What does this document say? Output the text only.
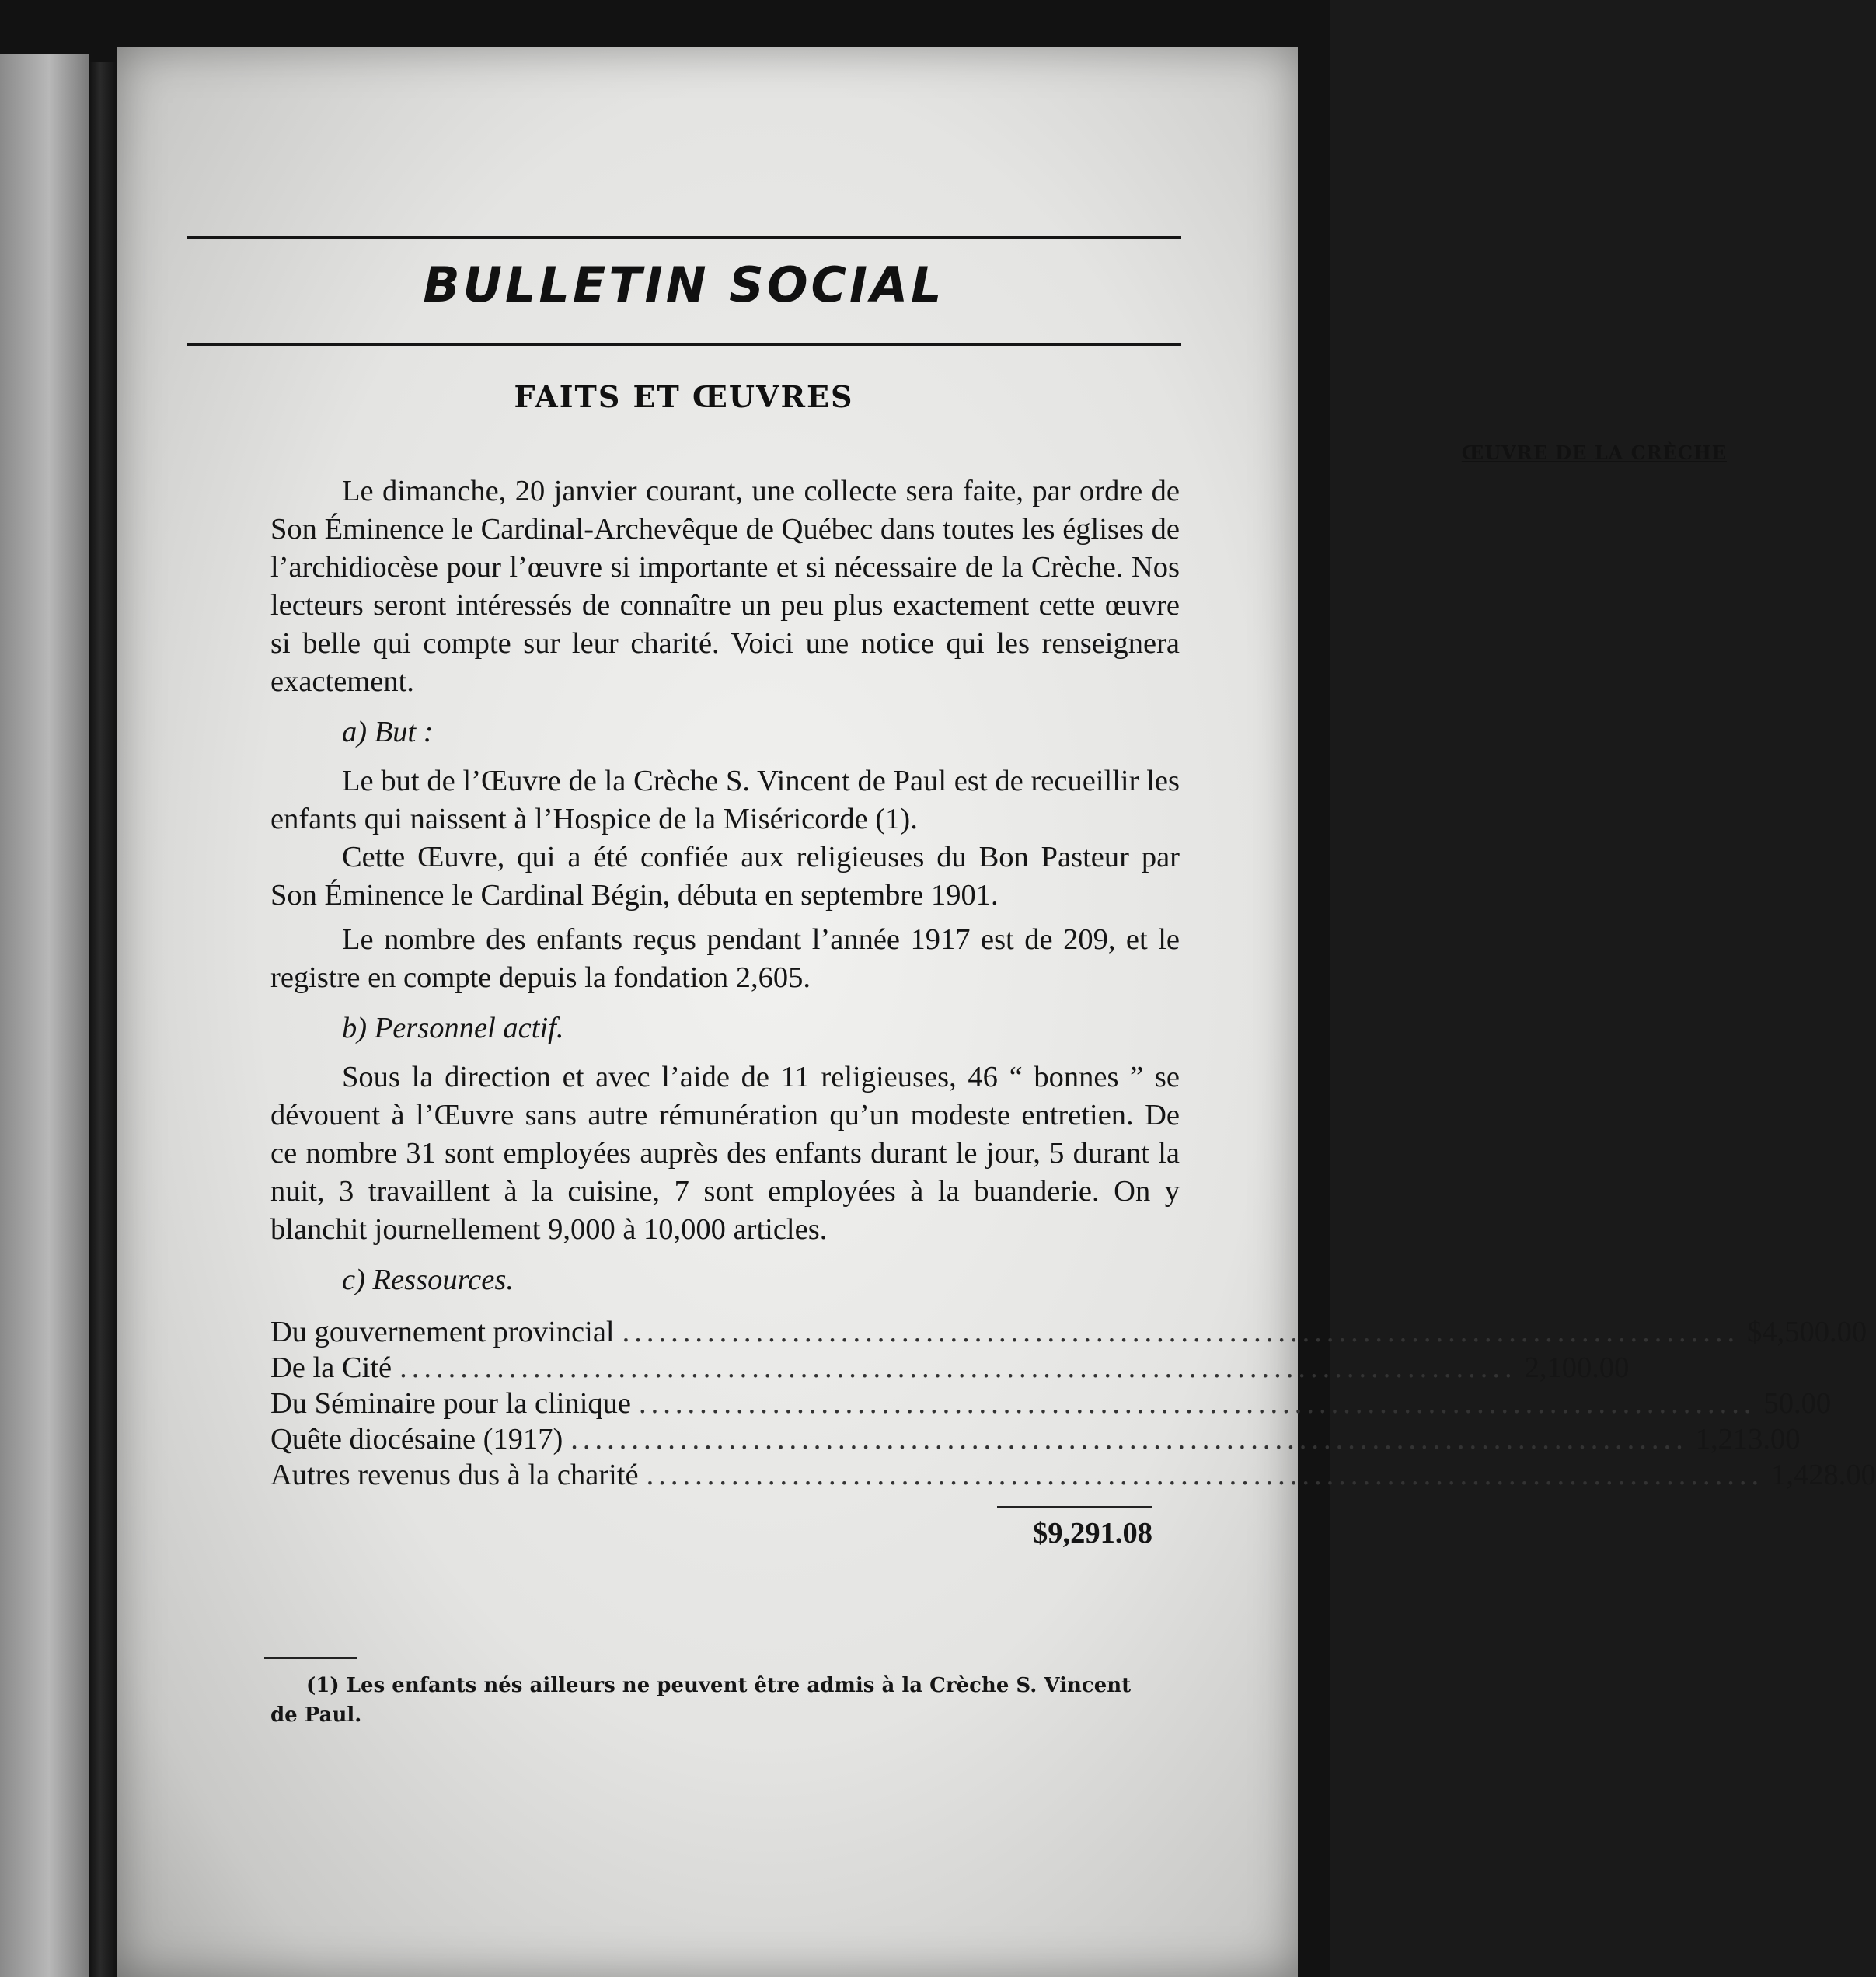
BULLETIN SOCIAL
FAITS ET ŒUVRES
ŒUVRE DE LA CRÈCHE

Le dimanche, 20 janvier courant, une collecte sera faite, par ordre de Son Éminence le Cardinal-Archevêque de Québec dans toutes les églises de l’archidiocèse pour l’œuvre si importante et si nécessaire de la Crèche. Nos lecteurs seront intéressés de connaître un peu plus exactement cette œuvre si belle qui compte sur leur charité. Voici une notice qui les renseignera exactement.

a) But :

Le but de l’Œuvre de la Crèche S. Vincent de Paul est de recueillir les enfants qui naissent à l’Hospice de la Miséricorde (1).

Cette Œuvre, qui a été confiée aux religieuses du Bon Pasteur par Son Éminence le Cardinal Bégin, débuta en septembre 1901.

Le nombre des enfants reçus pendant l’année 1917 est de 209, et le registre en compte depuis la fondation 2,605.

b) Personnel actif.

Sous la direction et avec l’aide de 11 religieuses, 46 “ bonnes ” se dévouent à l’Œuvre sans autre rémunération qu’un modeste entretien. De ce nombre 31 sont employées auprès des enfants durant le jour, 5 durant la nuit, 3 travaillent à la cuisine, 7 sont employées à la buanderie. On y blanchit journellement 9,000 à 10,000 articles.

c) Ressources.
Du gouvernement provincial ............................................................................................ $4,500.00
De la Cité ............................................................................................ 2,100.00
Du Séminaire pour la clinique ............................................................................................ 50.00
Quête diocésaine (1917) ............................................................................................ 1,213.00
Autres revenus dus à la charité ............................................................................................ 1,428.00
$9,291.08
(1) Les enfants nés ailleurs ne peuvent être admis à la Crèche S. Vincent de Paul.
